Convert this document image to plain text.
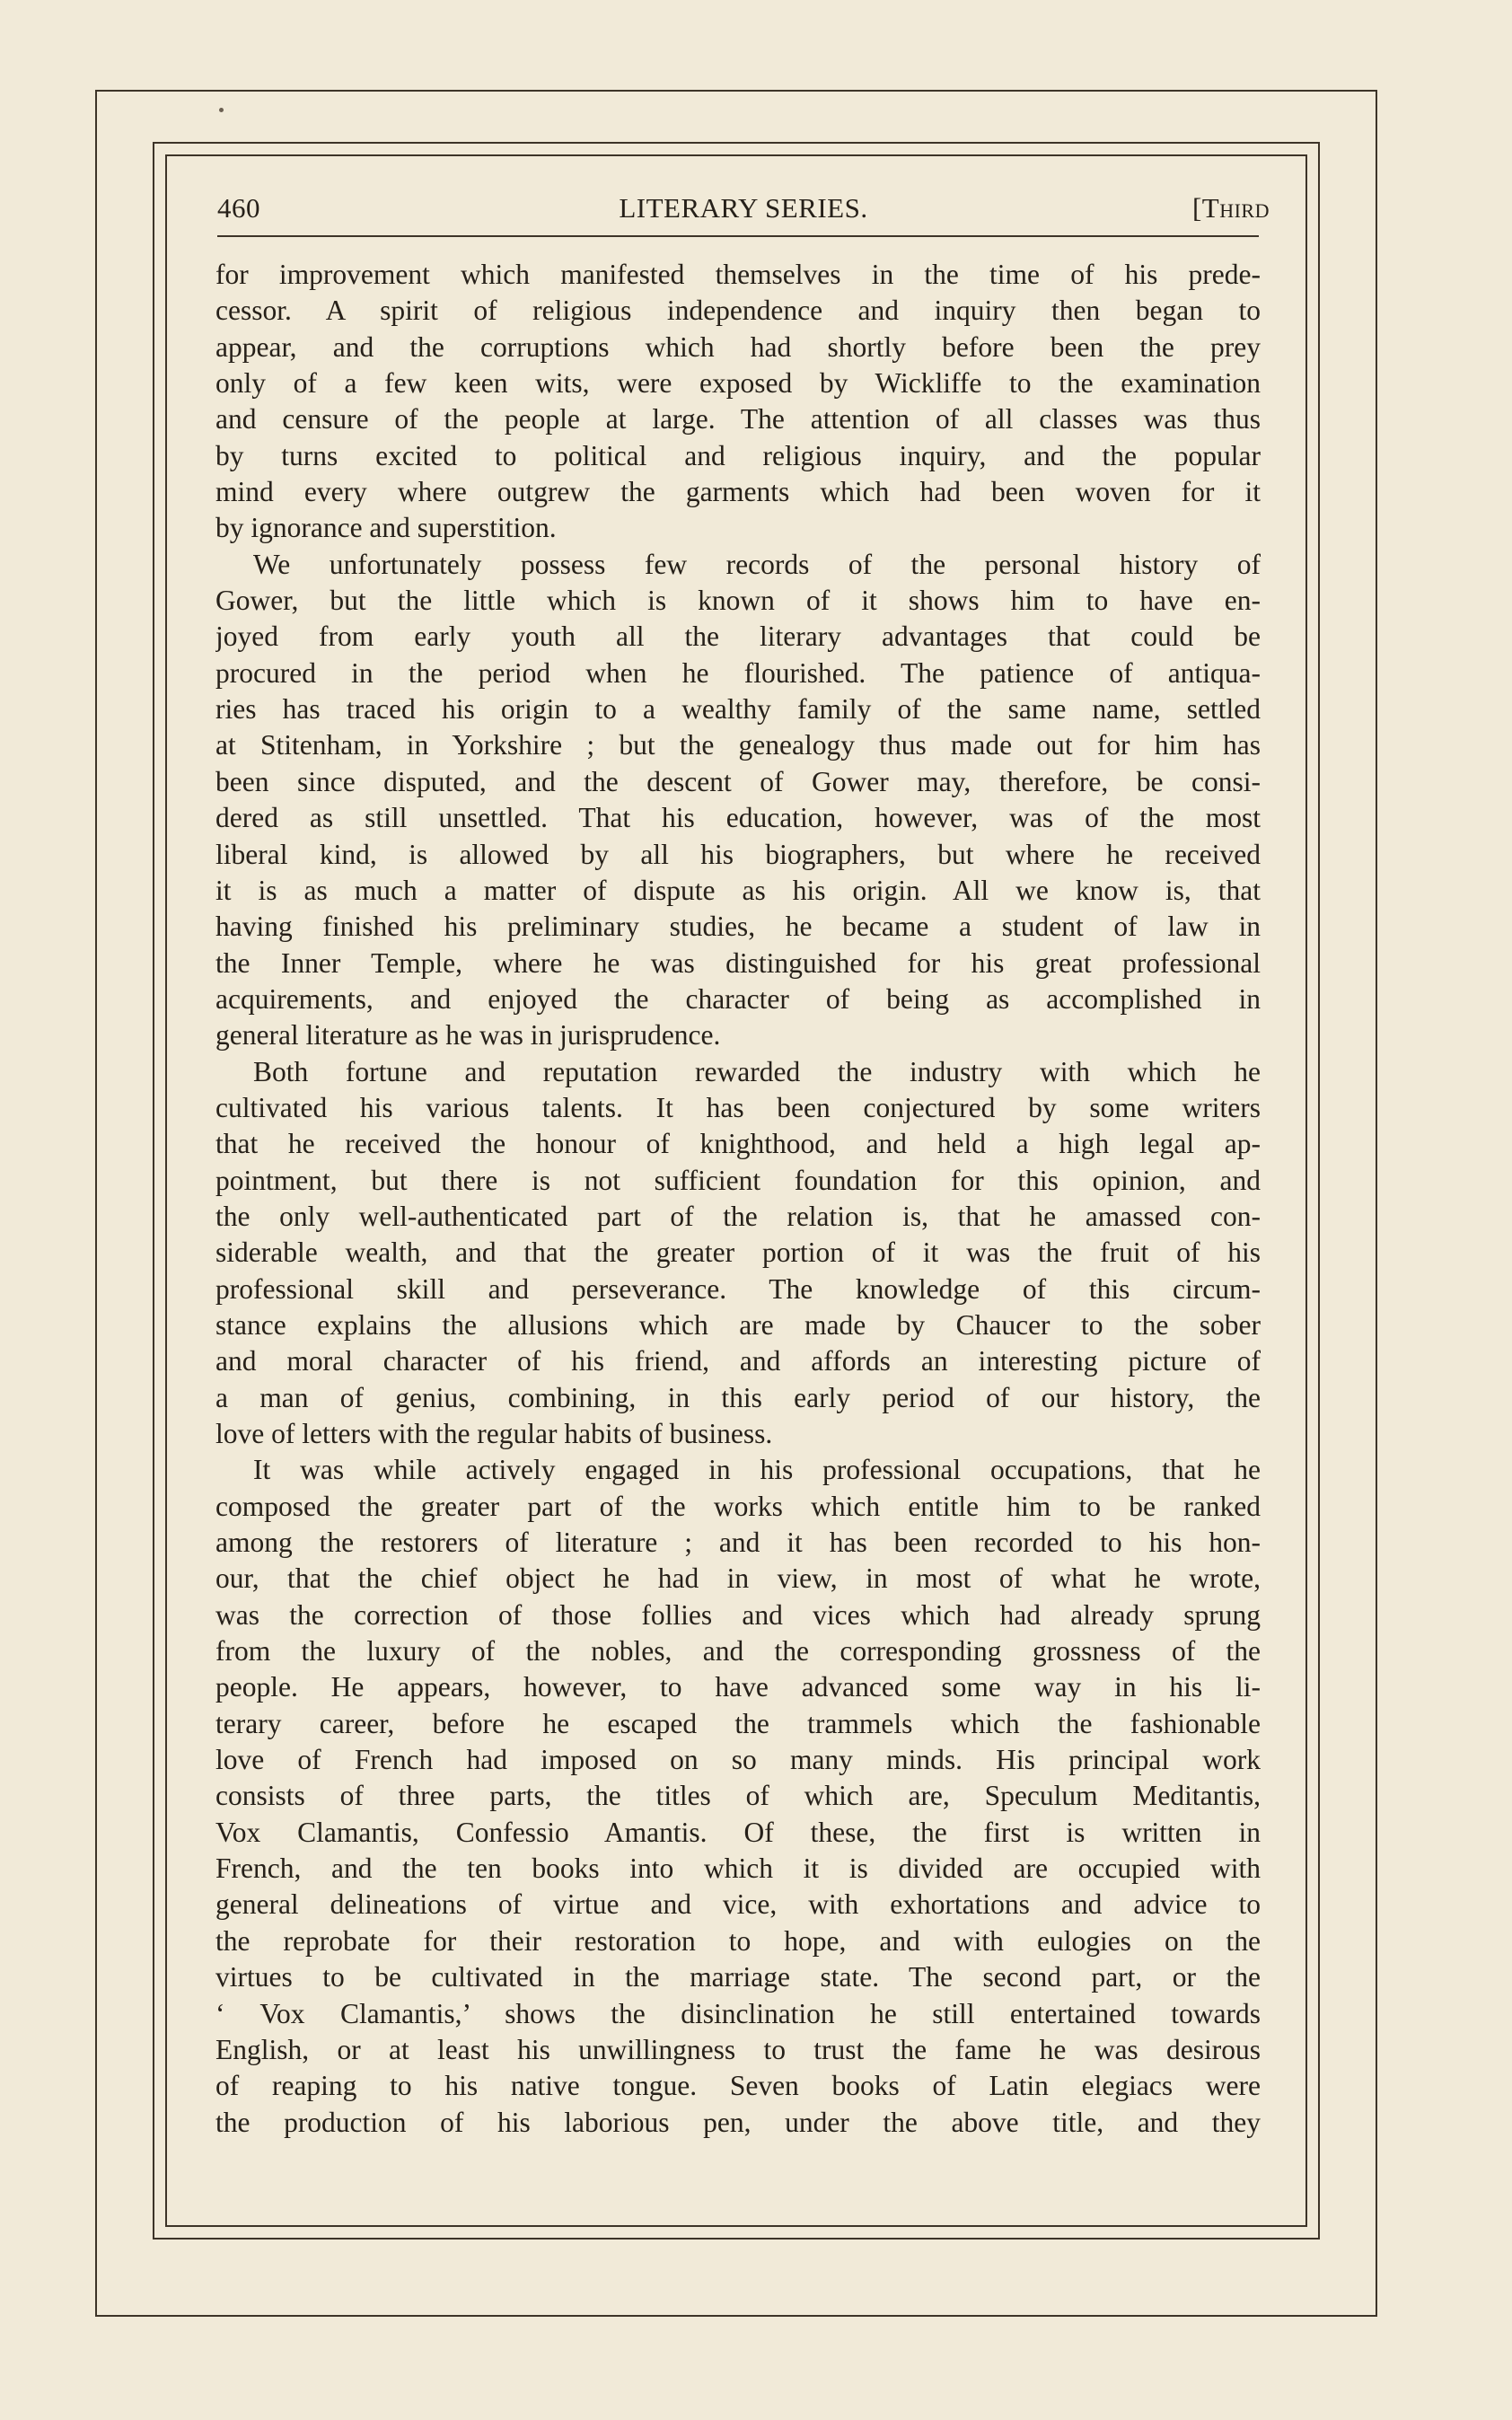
460	LITERARY SERIES.	[Third
for improvement which manifested themselves in the time of his prede-
cessor. A spirit of religious independence and inquiry then began to
appear, and the corruptions which had shortly before been the prey
only of a few keen wits, were exposed by Wickliffe to the examination
and censure of the people at large. The attention of all classes was thus
by turns excited to political and religious inquiry, and the popular
mind every where outgrew the garments which had been woven for it
by ignorance and superstition.
We unfortunately possess few records of the personal history of
Gower, but the little which is known of it shows him to have en-
joyed from early youth all the literary advantages that could be
procured in the period when he flourished. The patience of antiqua-
ries has traced his origin to a wealthy family of the same name, settled
at Stitenham, in Yorkshire ; but the genealogy thus made out for him has
been since disputed, and the descent of Gower may, therefore, be consi-
dered as still unsettled. That his education, however, was of the most
liberal kind, is allowed by all his biographers, but where he received
it is as much a matter of dispute as his origin. All we know is, that
having finished his preliminary studies, he became a student of law in
the Inner Temple, where he was distinguished for his great professional
acquirements, and enjoyed the character of being as accomplished in
general literature as he was in jurisprudence.
Both fortune and reputation rewarded the industry with which he
cultivated his various talents. It has been conjectured by some writers
that he received the honour of knighthood, and held a high legal ap-
pointment, but there is not sufficient foundation for this opinion, and
the only well-authenticated part of the relation is, that he amassed con-
siderable wealth, and that the greater portion of it was the fruit of his
professional skill and perseverance. The knowledge of this circum-
stance explains the allusions which are made by Chaucer to the sober
and moral character of his friend, and affords an interesting picture of
a man of genius, combining, in this early period of our history, the
love of letters with the regular habits of business.
It was while actively engaged in his professional occupations, that he
composed the greater part of the works which entitle him to be ranked
among the restorers of literature ; and it has been recorded to his hon-
our, that the chief object he had in view, in most of what he wrote,
was the correction of those follies and vices which had already sprung
from the luxury of the nobles, and the corresponding grossness of the
people. He appears, however, to have advanced some way in his li-
terary career, before he escaped the trammels which the fashionable
love of French had imposed on so many minds. His principal work
consists of three parts, the titles of which are, Speculum Meditantis,
Vox Clamantis, Confessio Amantis. Of these, the first is written in
French, and the ten books into which it is divided are occupied with
general delineations of virtue and vice, with exhortations and advice to
the reprobate for their restoration to hope, and with eulogies on the
virtues to be cultivated in the marriage state. The second part, or the
‘ Vox Clamantis,’ shows the disinclination he still entertained towards
English, or at least his unwillingness to trust the fame he was desirous
of reaping to his native tongue. Seven books of Latin elegiacs were
the production of his laborious pen, under the above title, and they
